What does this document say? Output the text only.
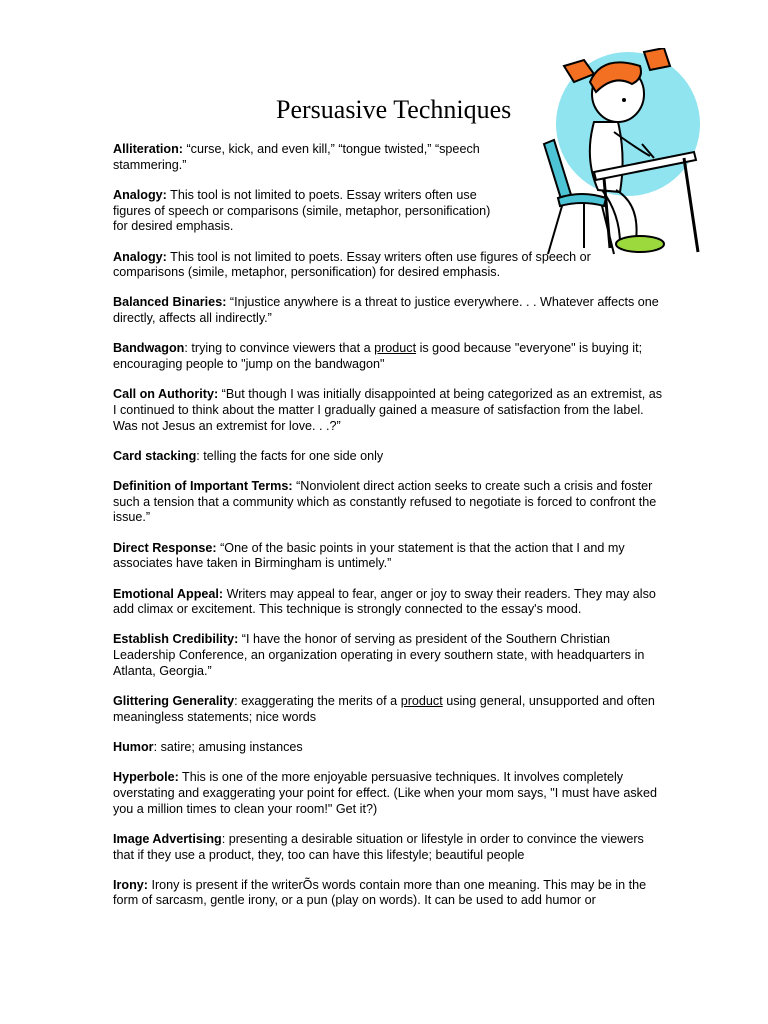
Persuasive Techniques

Alliteration: “curse, kick, and even kill,” “tongue twisted,” “speech stammering.”

Analogy: This tool is not limited to poets. Essay writers often use figures of speech or comparisons (simile, metaphor, personification) for desired emphasis.

Analogy: This tool is not limited to poets. Essay writers often use figures of speech or comparisons (simile, metaphor, personification) for desired emphasis.

Balanced Binaries: “Injustice anywhere is a threat to justice everywhere. . . Whatever affects one directly, affects all indirectly.”

Bandwagon: trying to convince viewers that a product is good because "everyone" is buying it; encouraging people to "jump on the bandwagon"

Call on Authority: “But though I was initially disappointed at being categorized as an extremist, as I continued to think about the matter I gradually gained a measure of satisfaction from the label. Was not Jesus an extremist for love. . .?”

Card stacking: telling the facts for one side only

Definition of Important Terms: “Nonviolent direct action seeks to create such a crisis and foster such a tension that a community which as constantly refused to negotiate is forced to confront the issue.”

Direct Response: “One of the basic points in your statement is that the action that I and my associates have taken in Birmingham is untimely.”

Emotional Appeal: Writers may appeal to fear, anger or joy to sway their readers. They may also add climax or excitement. This technique is strongly connected to the essay's mood.

Establish Credibility: “I have the honor of serving as president of the Southern Christian Leadership Conference, an organization operating in every southern state, with headquarters in Atlanta, Georgia.”

Glittering Generality: exaggerating the merits of a product using general, unsupported and often meaningless statements; nice words

Humor: satire; amusing instances

Hyperbole: This is one of the more enjoyable persuasive techniques. It involves completely overstating and exaggerating your point for effect. (Like when your mom says, "I must have asked you a million times to clean your room!" Get it?)

Image Advertising: presenting a desirable situation or lifestyle in order to convince the viewers that if they use a product, they, too can have this lifestyle; beautiful people

Irony: Irony is present if the writerÕs words contain more than one meaning. This may be in the form of sarcasm, gentle irony, or a pun (play on words). It can be used to add humor or
